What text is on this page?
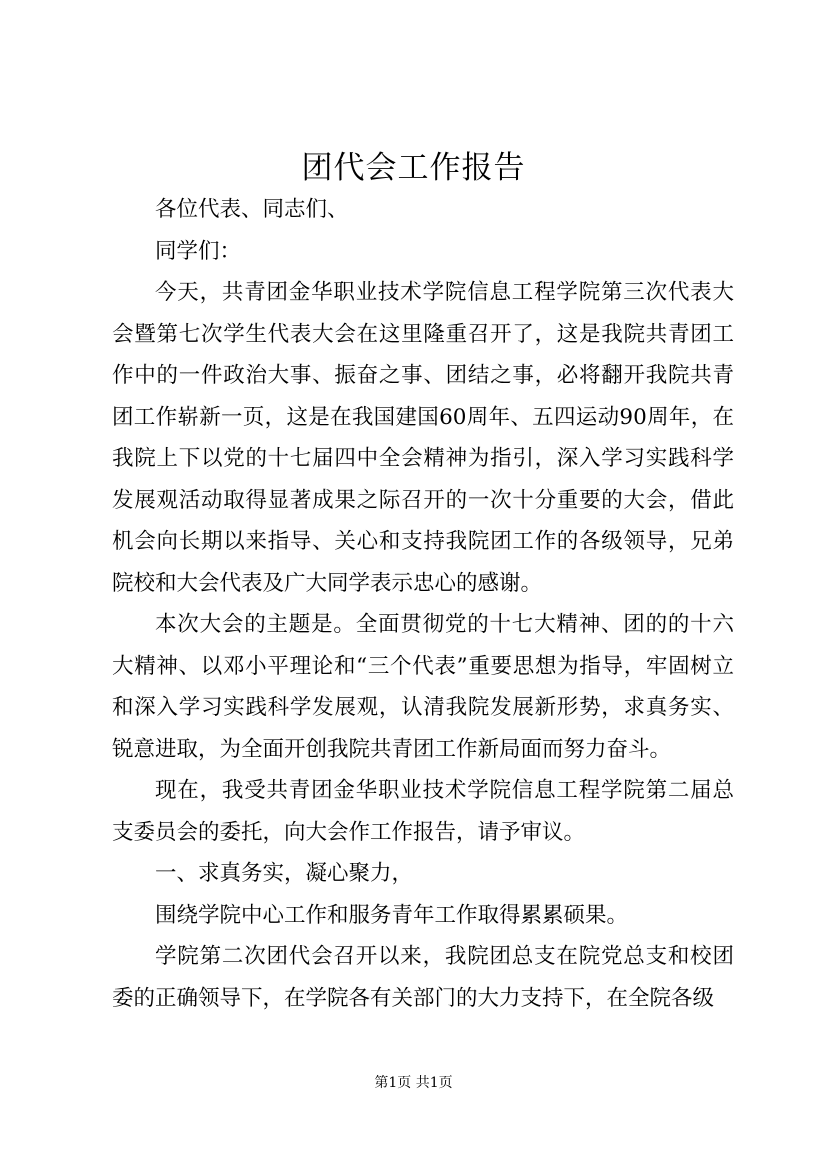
团代会工作报告

各位代表、同志们、

同学们：

今天，共青团金华职业技术学院信息工程学院第三次代表大会暨第七次学生代表大会在这里隆重召开了，这是我院共青团工作中的一件政治大事、振奋之事、团结之事，必将翻开我院共青团工作崭新一页，这是在我国建国60周年、五四运动90周年，在我院上下以党的十七届四中全会精神为指引，深入学习实践科学发展观活动取得显著成果之际召开的一次十分重要的大会，借此机会向长期以来指导、关心和支持我院团工作的各级领导，兄弟院校和大会代表及广大同学表示忠心的感谢。

本次大会的主题是。全面贯彻党的十七大精神、团的的十六大精神、以邓小平理论和“三个代表”重要思想为指导，牢固树立和深入学习实践科学发展观，认清我院发展新形势，求真务实、锐意进取，为全面开创我院共青团工作新局面而努力奋斗。

现在，我受共青团金华职业技术学院信息工程学院第二届总支委员会的委托，向大会作工作报告，请予审议。

一、求真务实，凝心聚力，

围绕学院中心工作和服务青年工作取得累累硕果。

学院第二次团代会召开以来，我院团总支在院党总支和校团委的正确领导下，在学院各有关部门的大力支持下，在全院各级

第1页 共1页
